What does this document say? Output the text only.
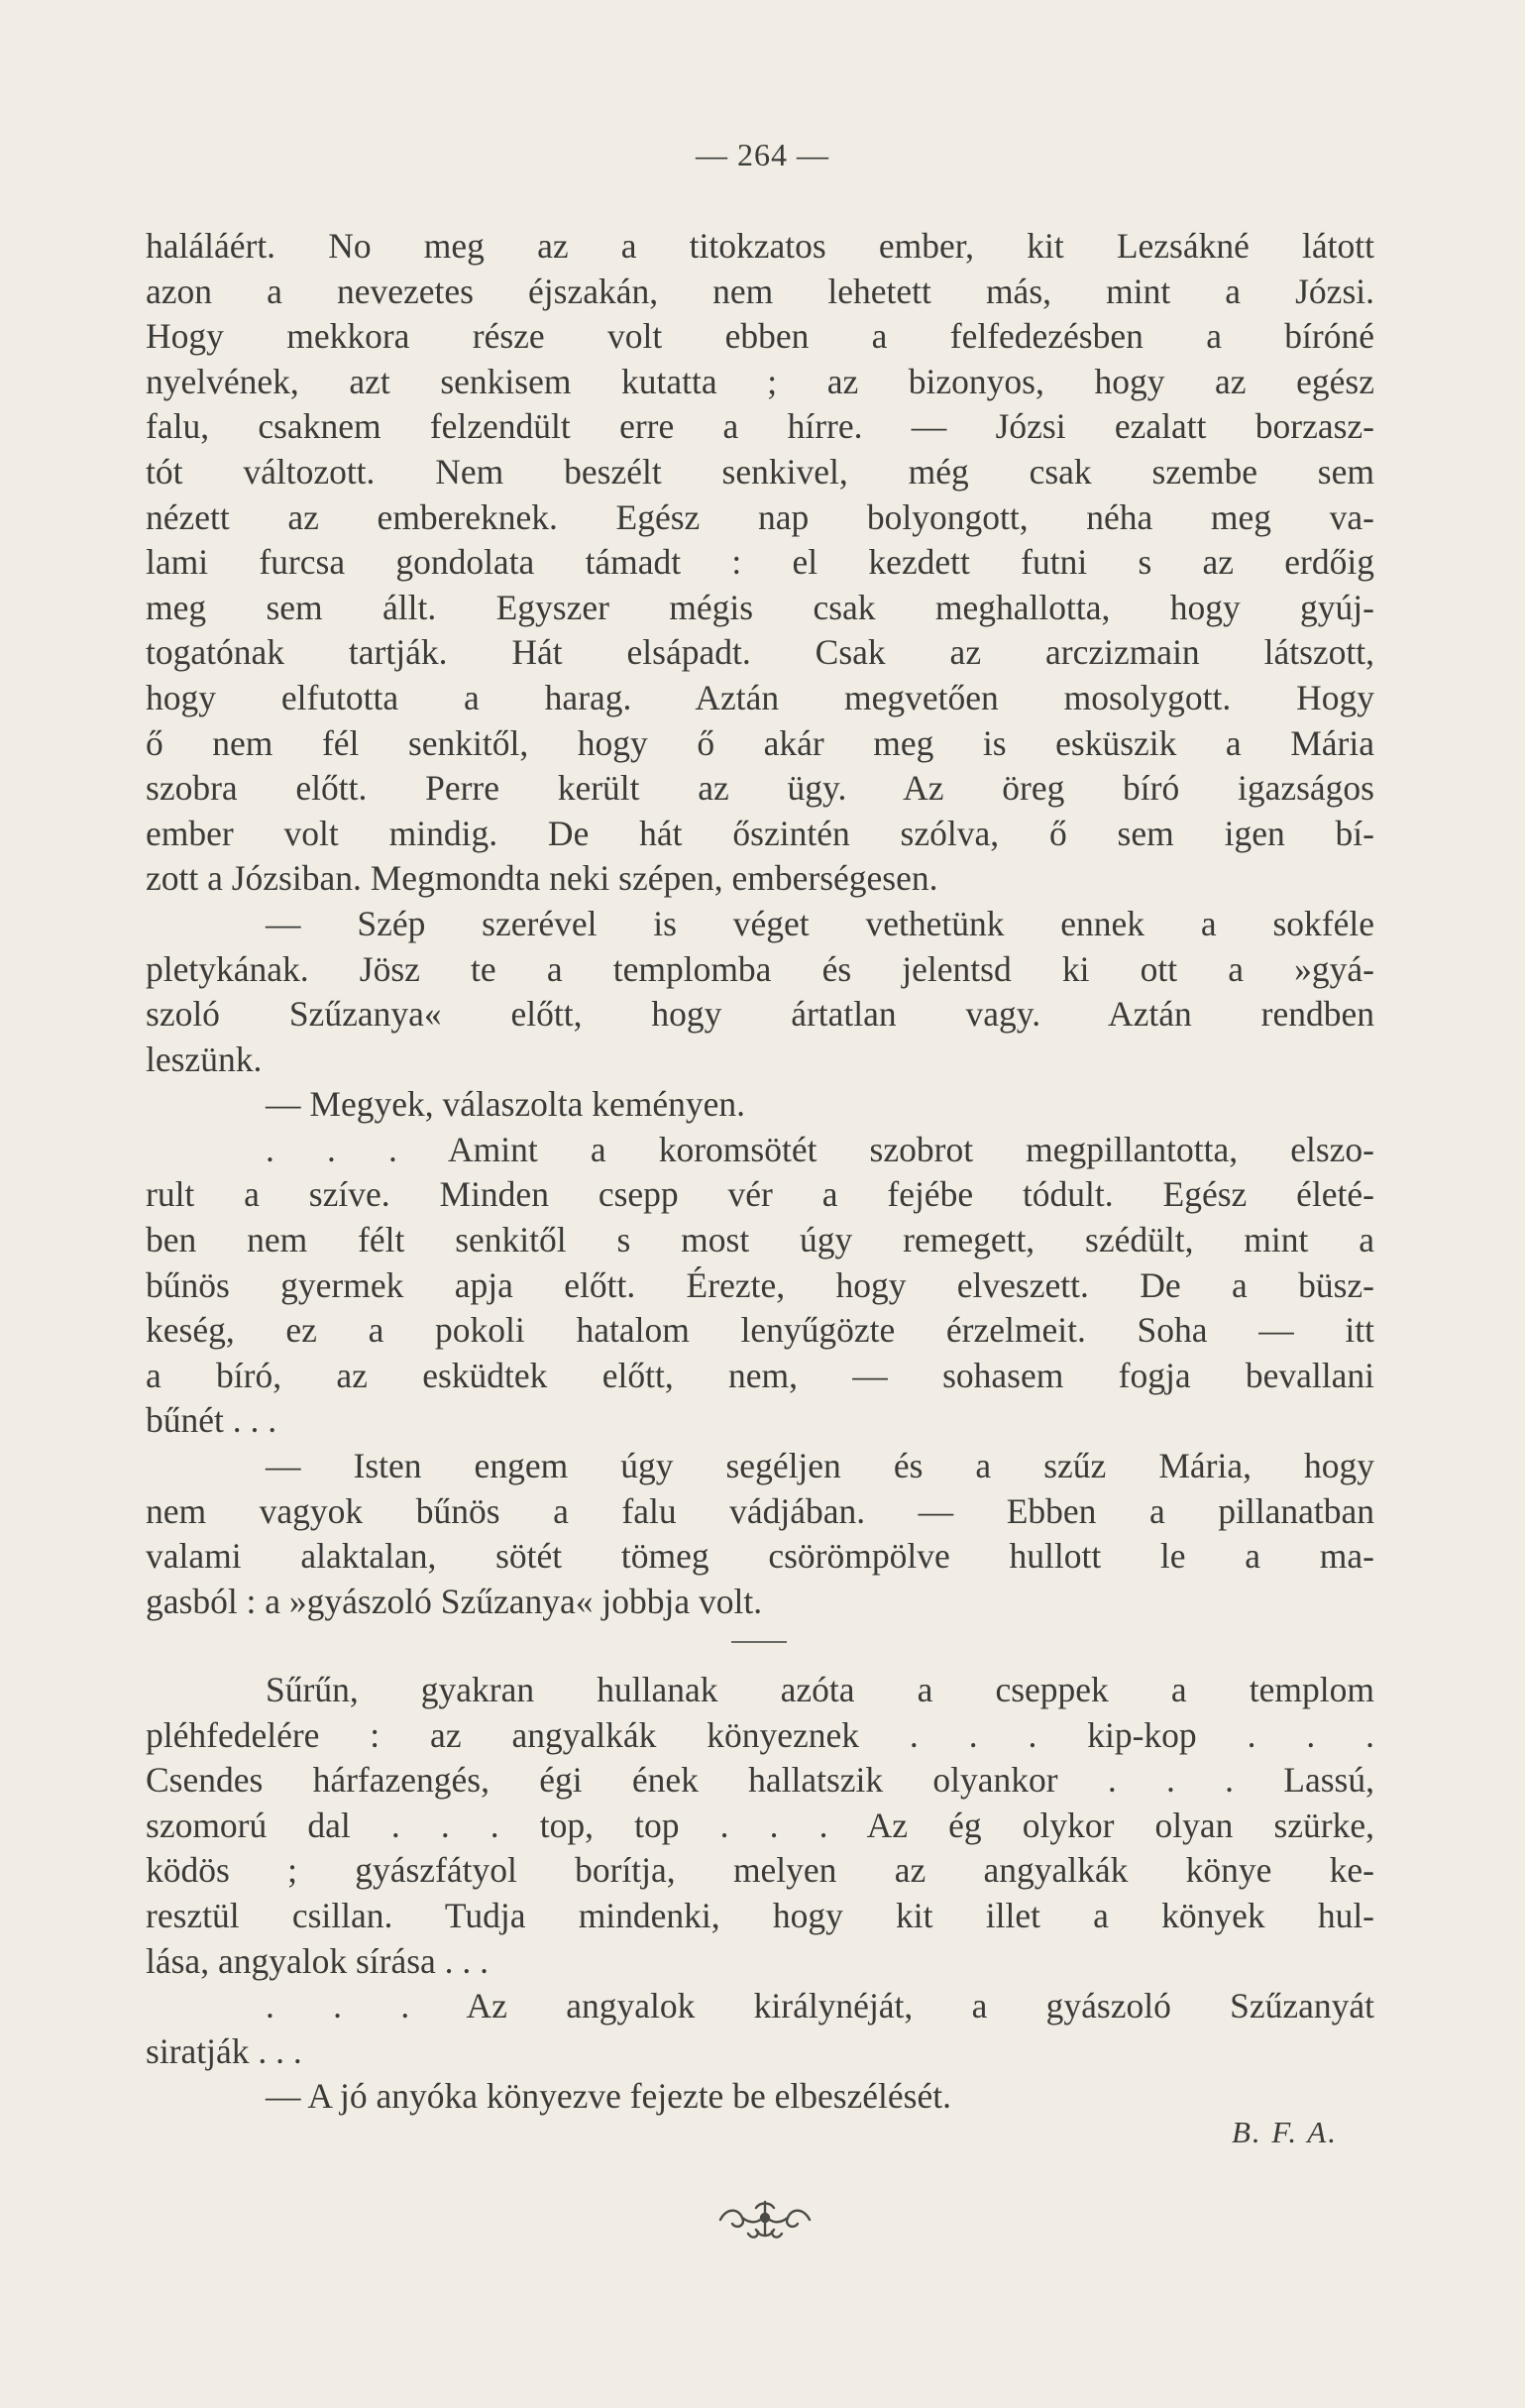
— 264 —
haláláért. No meg az a titokzatos ember, kit Lezsákné látott
azon a nevezetes éjszakán, nem lehetett más, mint a Józsi.
Hogy mekkora része volt ebben a felfedezésben a bíróné
nyelvének, azt senkisem kutatta ; az bizonyos, hogy az egész
falu, csaknem felzendült erre a hírre. — Józsi ezalatt borzasz-
tót változott. Nem beszélt senkivel, még csak szembe sem
nézett az embereknek. Egész nap bolyongott, néha meg va-
lami furcsa gondolata támadt : el kezdett futni s az erdőig
meg sem állt. Egyszer mégis csak meghallotta, hogy gyúj-
togatónak tartják. Hát elsápadt. Csak az arczizmain látszott,
hogy elfutotta a harag. Aztán megvetően mosolygott. Hogy
ő nem fél senkitől, hogy ő akár meg is esküszik a Mária
szobra előtt. Perre került az ügy. Az öreg bíró igazságos
ember volt mindig. De hát őszintén szólva, ő sem igen bí-
zott a Józsiban. Megmondta neki szépen, emberségesen.
— Szép szerével is véget vethetünk ennek a sokféle
pletykának. Jösz te a templomba és jelentsd ki ott a »gyá-
szoló Szűzanya« előtt, hogy ártatlan vagy. Aztán rendben
leszünk.
— Megyek, válaszolta keményen.
. . . Amint a koromsötét szobrot megpillantotta, elszo-
rult a szíve. Minden csepp vér a fejébe tódult. Egész életé-
ben nem félt senkitől s most úgy remegett, szédült, mint a
bűnös gyermek apja előtt. Érezte, hogy elveszett. De a büsz-
keség, ez a pokoli hatalom lenyűgözte érzelmeit. Soha — itt
a bíró, az esküdtek előtt, nem, — sohasem fogja bevallani
bűnét . . .
— Isten engem úgy segéljen és a szűz Mária, hogy
nem vagyok bűnös a falu vádjában. — Ebben a pillanatban
valami alaktalan, sötét tömeg csörömpölve hullott le a ma-
gasból : a »gyászoló Szűzanya« jobbja volt.
Sűrűn, gyakran hullanak azóta a cseppek a templom
pléhfedelére : az angyalkák könyeznek . . . kip-kop . . .
Csendes hárfazengés, égi ének hallatszik olyankor . . . Lassú,
szomorú dal . . . top, top . . . Az ég olykor olyan szürke,
ködös ; gyászfátyol borítja, melyen az angyalkák könye ke-
resztül csillan. Tudja mindenki, hogy kit illet a könyek hul-
lása, angyalok sírása . . .
. . . Az angyalok királynéját, a gyászoló Szűzanyát
siratják . . .
— A jó anyóka könyezve fejezte be elbeszélését.
B. F. A.
